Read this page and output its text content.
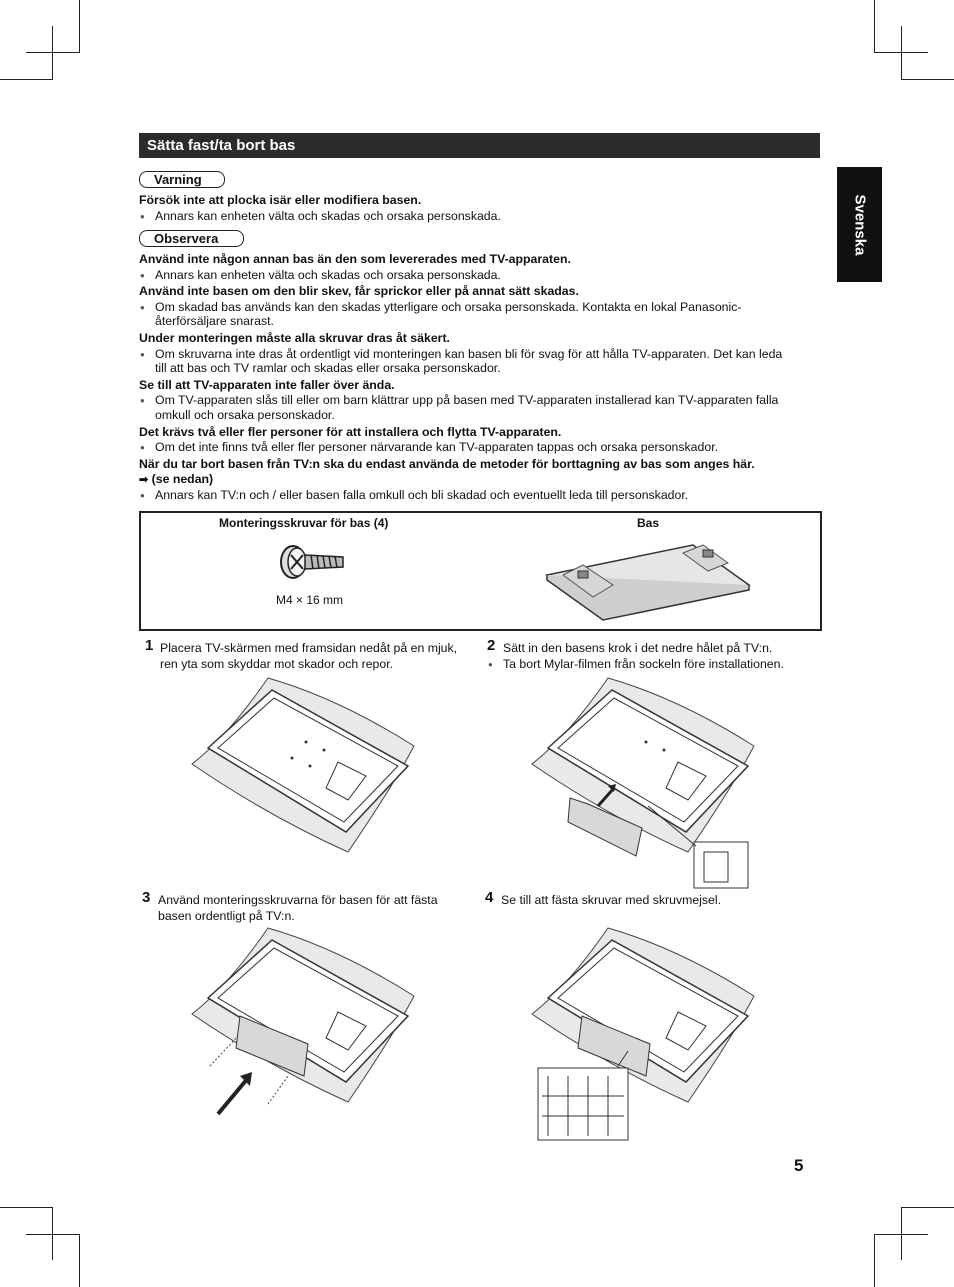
Sätta fast/ta bort bas
Svenska
Varning
Försök inte att plocka isär eller modifiera basen.
● Annars kan enheten välta och skadas och orsaka personskada.
Observera
Använd inte någon annan bas än den som levererades med TV-apparaten.
● Annars kan enheten välta och skadas och orsaka personskada.
Använd inte basen om den blir skev, får sprickor eller på annat sätt skadas.
● Om skadad bas används kan den skadas ytterligare och orsaka personskada. Kontakta en lokal Panasonic-
återförsäljare snarast.
Under monteringen måste alla skruvar dras åt säkert.
● Om skruvarna inte dras åt ordentligt vid monteringen kan basen bli för svag för att hålla TV-apparaten. Det kan leda
till att bas och TV ramlar och skadas eller orsaka personskador.
Se till att TV-apparaten inte faller över ända.
● Om TV-apparaten slås till eller om barn klättrar upp på basen med TV-apparaten installerad kan TV-apparaten falla
omkull och orsaka personskador.
Det krävs två eller fler personer för att installera och flytta TV-apparaten.
● Om det inte finns två eller fler personer närvarande kan TV-apparaten tappas och orsaka personskador.
När du tar bort basen från TV:n ska du endast använda de metoder för borttagning av bas som anges här.
➡ (se nedan)
● Annars kan TV:n och / eller basen falla omkull och bli skadad och eventuellt leda till personskador.
Monteringsskruvar för bas (4)
M4 × 16 mm
Bas
1 Placera TV-skärmen med framsidan nedåt på en mjuk,
ren yta som skyddar mot skador och repor.
2 Sätt in den basens krok i det nedre hålet på TV:n.
● Ta bort Mylar-filmen från sockeln före installationen.
3 Använd monteringsskruvarna för basen för att fästa
basen ordentligt på TV:n.
4 Se till att fästa skruvar med skruvmejsel.
5
